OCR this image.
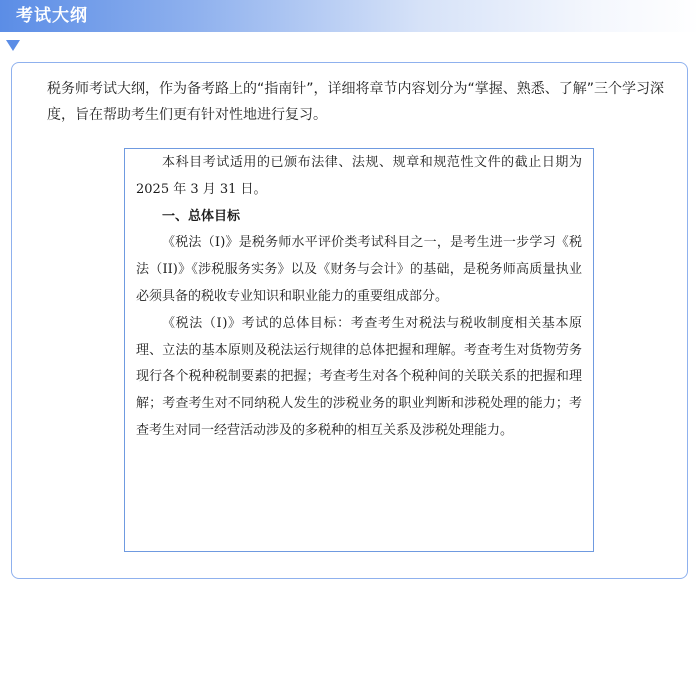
考试大纲
税务师考试大纲，作为备考路上的“指南针”，详细将章节内容划分为“掌握、熟悉、了解”三个学习深度，旨在帮助考生们更有针对性地进行复习。

本科目考试适用的已颁布法律、法规、规章和规范性文件的截止日期为 2025 年 3 月 31 日。

一、总体目标

《税法（Ⅰ)》是税务师水平评价类考试科目之一，是考生进一步学习《税法（II)》《涉税服务实务》以及《财务与会计》的基础，是税务师高质量执业必须具备的税收专业知识和职业能力的重要组成部分。

《税法（Ⅰ)》考试的总体目标：考查考生对税法与税收制度相关基本原理、立法的基本原则及税法运行规律的总体把握和理解。考查考生对货物劳务现行各个税种税制要素的把握；考查考生对各个税种间的关联关系的把握和理解；考查考生对不同纳税人发生的涉税业务的职业判断和涉税处理的能力；考查考生对同一经营活动涉及的多税种的相互关系及涉税处理能力。
